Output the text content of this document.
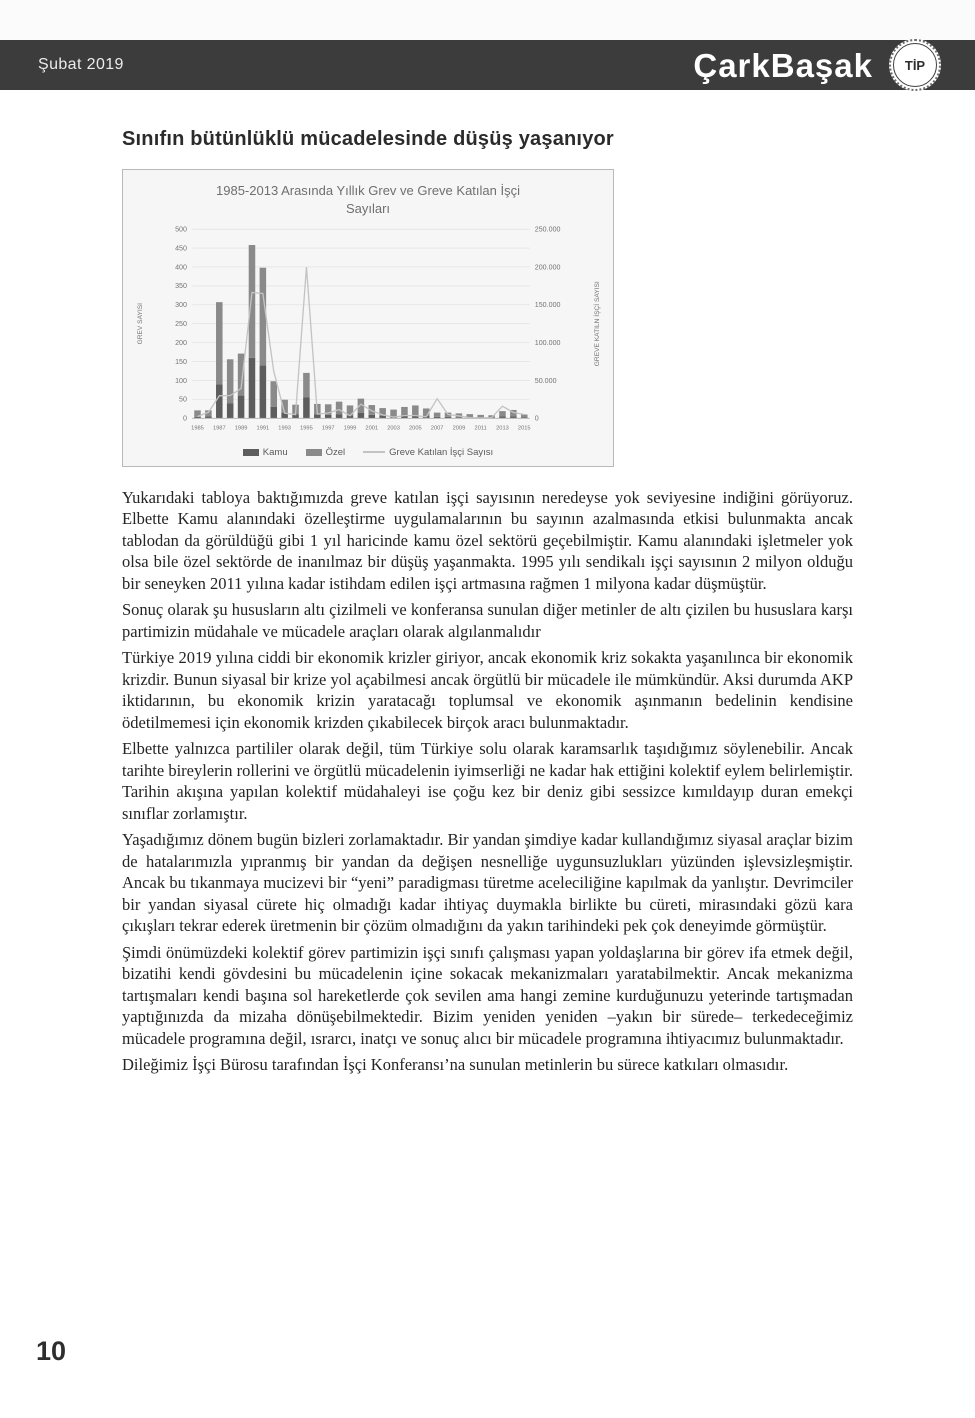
Şubat 2019	ÇarkBaşak TİP
Sınıfın bütünlüklü mücadelesinde düşüş yaşanıyor
1985-2013 Arasında Yıllık Grev ve Greve Katılan İşçi Sayıları
500
450
400
350
300
250
200
150
100
50
0
250.000
200.000
150.000
100.000
50.000
0
1985 1987 1989 1991 1993 1995 1997 1999 2001 2003 2005 2007 2009 2011 2013 2015
GREV SAYISI	GREVE KATILN İŞÇİ SAYISI
Kamu	Özel	Greve Katılan İşçi Sayısı

Yukarıdaki tabloya baktığımızda greve katılan işçi sayısının neredeyse yok seviyesine indiğini görüyoruz. Elbette Kamu alanındaki özelleştirme uygulamalarının bu sayının azalmasında etkisi bulunmakta ancak tablodan da görüldüğü gibi 1 yıl haricinde kamu özel sektörü geçebilmiştir. Kamu alanındaki işletmeler yok olsa bile özel sektörde de inanılmaz bir düşüş yaşanmakta. 1995 yılı sendikalı işçi sayısının 2 milyon olduğu bir seneyken 2011 yılına kadar istihdam edilen işçi artmasına rağmen 1 milyona kadar düşmüştür.

Sonuç olarak şu hususların altı çizilmeli ve konferansa sunulan diğer metinler de altı çizilen bu hususlara karşı partimizin müdahale ve mücadele araçları olarak algılanmalıdır

Türkiye 2019 yılına ciddi bir ekonomik krizler giriyor, ancak ekonomik kriz sokakta yaşanılınca bir ekonomik krizdir. Bunun siyasal bir krize yol açabilmesi ancak örgütlü bir mücadele ile mümkündür. Aksi durumda AKP iktidarının, bu ekonomik krizin yaratacağı toplumsal ve ekonomik aşınmanın bedelinin kendisine ödetilmemesi için ekonomik krizden çıkabilecek birçok aracı bulunmaktadır.

Elbette yalnızca partililer olarak değil, tüm Türkiye solu olarak karamsarlık taşıdığımız söylenebilir. Ancak tarihte bireylerin rollerini ve örgütlü mücadelenin iyimserliği ne kadar hak ettiğini kolektif eylem belirlemiştir. Tarihin akışına yapılan kolektif müdahaleyi ise çoğu kez bir deniz gibi sessizce kımıldayıp duran emekçi sınıflar zorlamıştır.

Yaşadığımız dönem bugün bizleri zorlamaktadır. Bir yandan şimdiye kadar kullandığımız siyasal araçlar bizim de hatalarımızla yıpranmış bir yandan da değişen nesnelliğe uygunsuzlukları yüzünden işlevsizleşmiştir. Ancak bu tıkanmaya mucizevi bir “yeni” paradigması türetme aceleciliğine kapılmak da yanlıştır. Devrimciler bir yandan siyasal cürete hiç olmadığı kadar ihtiyaç duymakla birlikte bu cüreti, mirasındaki gözü kara çıkışları tekrar ederek üretmenin bir çözüm olmadığını da yakın tarihindeki pek çok deneyimde görmüştür.

Şimdi önümüzdeki kolektif görev partimizin işçi sınıfı çalışması yapan yoldaşlarına bir görev ifa etmek değil, bizatihi kendi gövdesini bu mücadelenin içine sokacak mekanizmaları yaratabilmektir. Ancak mekanizma tartışmaları kendi başına sol hareketlerde çok sevilen ama hangi zemine kurduğunuzu yeterinde tartışmadan yaptığınızda da mizaha dönüşebilmektedir. Bizim yeniden yeniden –yakın bir sürede– terkedeceğimiz mücadele programına değil, ısrarcı, inatçı ve sonuç alıcı bir mücadele programına ihtiyacımız bulunmaktadır.

Dileğimiz İşçi Bürosu tarafından İşçi Konferansı’na sunulan metinlerin bu sürece katkıları olmasıdır.

10
